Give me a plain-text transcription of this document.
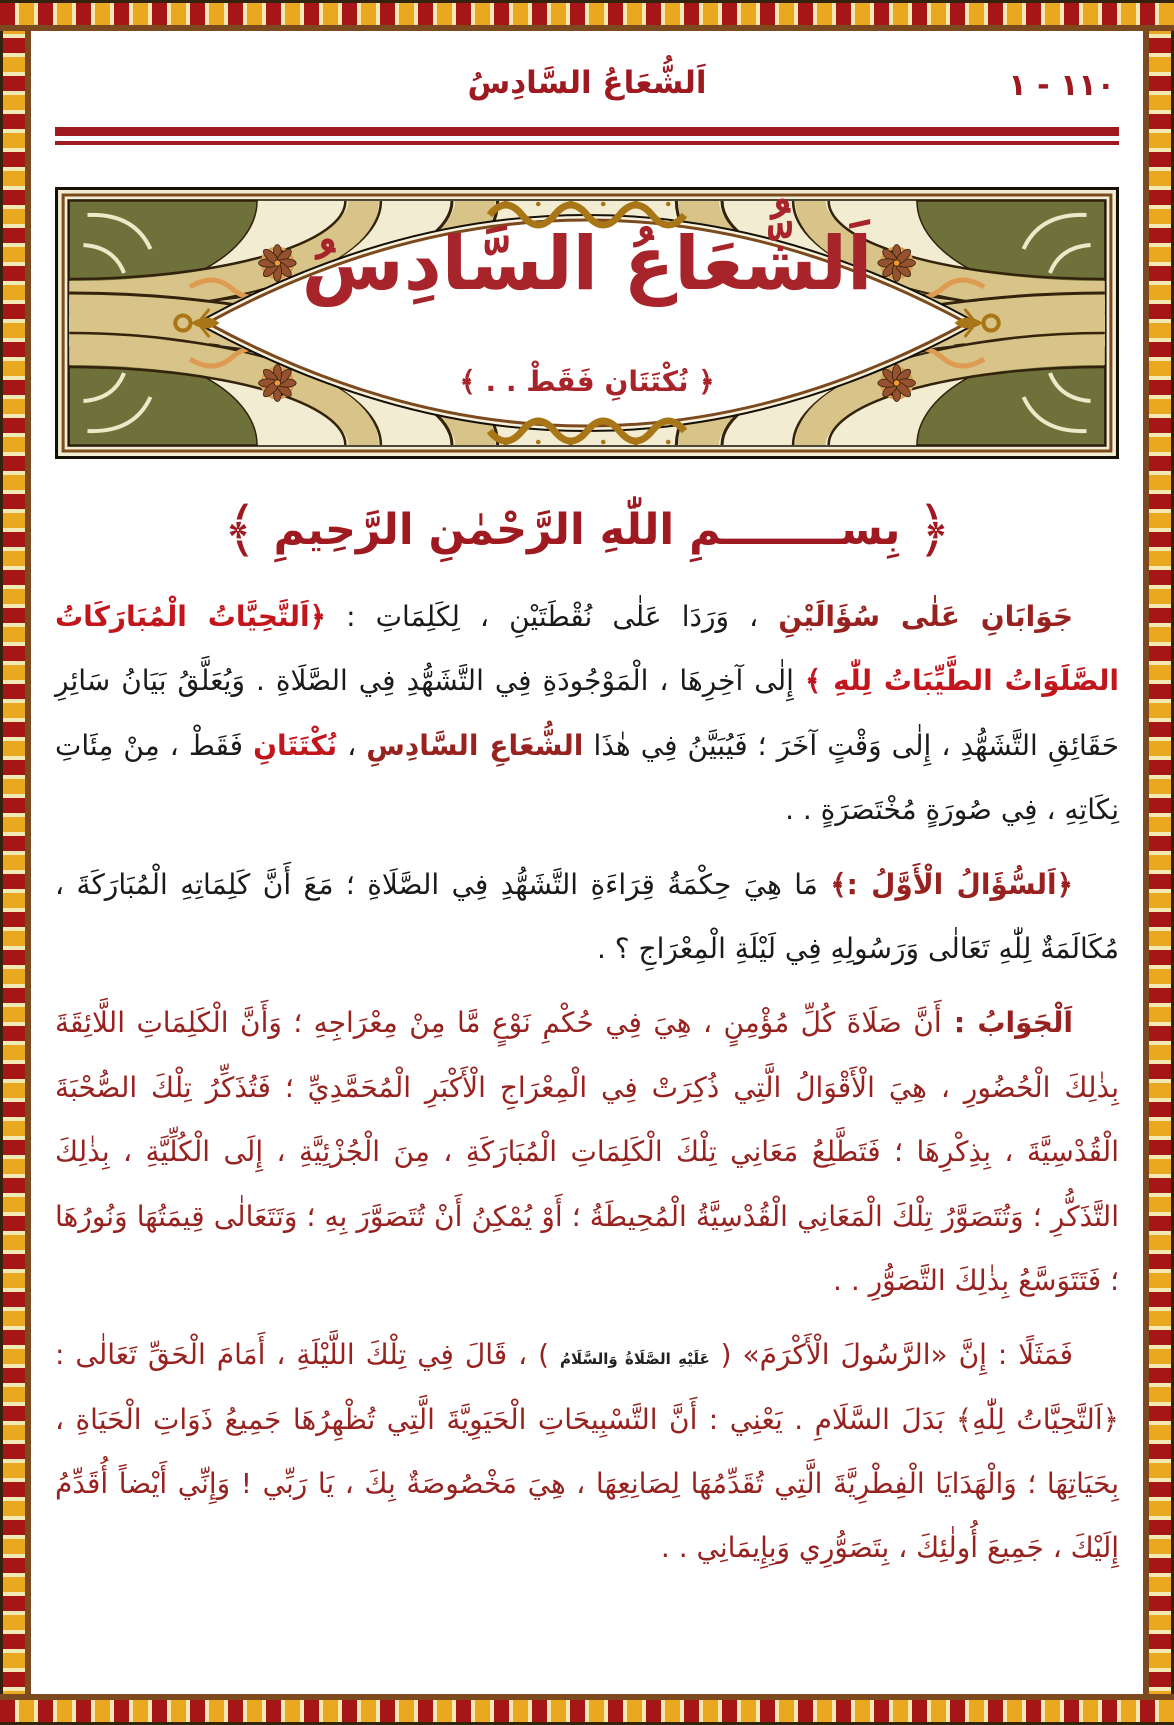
اَلشُّعَاعُ السَّادِسُ	١١٠ - ١
اَلشُّعَاعُ السَّادِسُ
﴿ نُكْتَتَانِ فَقَطْ . . ﴾
﴿
بِســــــــمِ اللّٰهِ الرَّحْمٰنِ الرَّحِيمِ
﴾

جَوَابَانِ عَلٰى سُؤَالَيْنِ ، وَرَدَا عَلٰى نُقْطَتَيْنِ ، لِكَلِمَاتِ : ﴿اَلتَّحِيَّاتُ الْمُبَارَكَاتُ الصَّلَوَاتُ الطَّيِّبَاتُ لِلّٰهِ ﴾ إِلٰى آخِرِهَا ، الْمَوْجُودَةِ فِي التَّشَهُّدِ فِي الصَّلَاةِ . وَيُعَلَّقُ بَيَانُ سَائِرِ حَقَائِقِ التَّشَهُّدِ ، إِلٰى وَقْتٍ آخَرَ ؛ فَيُبَيَّنُ فِي هٰذَا الشُّعَاعِ السَّادِسِ ، نُكْتَتَانِ فَقَطْ ، مِنْ مِئَاتِ نِكَاتِهِ ، فِي صُورَةٍ مُخْتَصَرَةٍ . .

﴿اَلسُّؤَالُ الْأَوَّلُ :﴾ مَا هِيَ حِكْمَةُ قِرَاءَةِ التَّشَهُّدِ فِي الصَّلَاةِ ؛ مَعَ أَنَّ كَلِمَاتِهِ الْمُبَارَكَةَ ، مُكَالَمَةٌ لِلّٰهِ تَعَالٰى وَرَسُولِهِ فِي لَيْلَةِ الْمِعْرَاجِ ؟ .

اَلْجَوَابُ : أَنَّ صَلَاةَ كُلِّ مُؤْمِنٍ ، هِيَ فِي حُكْمِ نَوْعٍ مَّا مِنْ مِعْرَاجِهِ ؛ وَأَنَّ الْكَلِمَاتِ اللَّائِقَةَ بِذٰلِكَ الْحُضُورِ ، هِيَ الْأَقْوَالُ الَّتِي ذُكِرَتْ فِي الْمِعْرَاجِ الْأَكْبَرِ الْمُحَمَّدِيِّ ؛ فَتُذَكِّرُ تِلْكَ الصُّحْبَةَ الْقُدْسِيَّةَ ، بِذِكْرِهَا ؛ فَتَطَّلِعُ مَعَانِي تِلْكَ الْكَلِمَاتِ الْمُبَارَكَةِ ، مِنَ الْجُزْئِيَّةِ ، إِلَى الْكُلِّيَّةِ ، بِذٰلِكَ التَّذَكُّرِ ؛ وَتُتَصَوَّرُ تِلْكَ الْمَعَانِي الْقُدْسِيَّةُ الْمُحِيطَةُ ؛ أَوْ يُمْكِنُ أَنْ تُتَصَوَّرَ بِهِ ؛ وَتَتَعَالٰى قِيمَتُهَا وَنُورُهَا ؛ فَتَتَوَسَّعُ بِذٰلِكَ التَّصَوُّرِ . .

فَمَثَلًا : إِنَّ «الرَّسُولَ الْأَكْرَمَ» ( عَلَيْهِ الصَّلَاةُ وَالسَّلَامُ ) ، قَالَ فِي تِلْكَ اللَّيْلَةِ ، أَمَامَ الْحَقِّ تَعَالٰى : ﴿اَلتَّحِيَّاتُ لِلّٰهِ﴾ بَدَلَ السَّلَامِ . يَعْنِي : أَنَّ التَّسْبِيحَاتِ الْحَيَوِيَّةَ الَّتِي تُظْهِرُهَا جَمِيعُ ذَوَاتِ الْحَيَاةِ ، بِحَيَاتِهَا ؛ وَالْهَدَايَا الْفِطْرِيَّةَ الَّتِي تُقَدِّمُهَا لِصَانِعِهَا ، هِيَ مَخْصُوصَةٌ بِكَ ، يَا رَبِّي ! وَإِنِّي أَيْضاً أُقَدِّمُ إِلَيْكَ ، جَمِيعَ أُولٰئِكَ ، بِتَصَوُّرِي وَبِإِيمَانِي . .
